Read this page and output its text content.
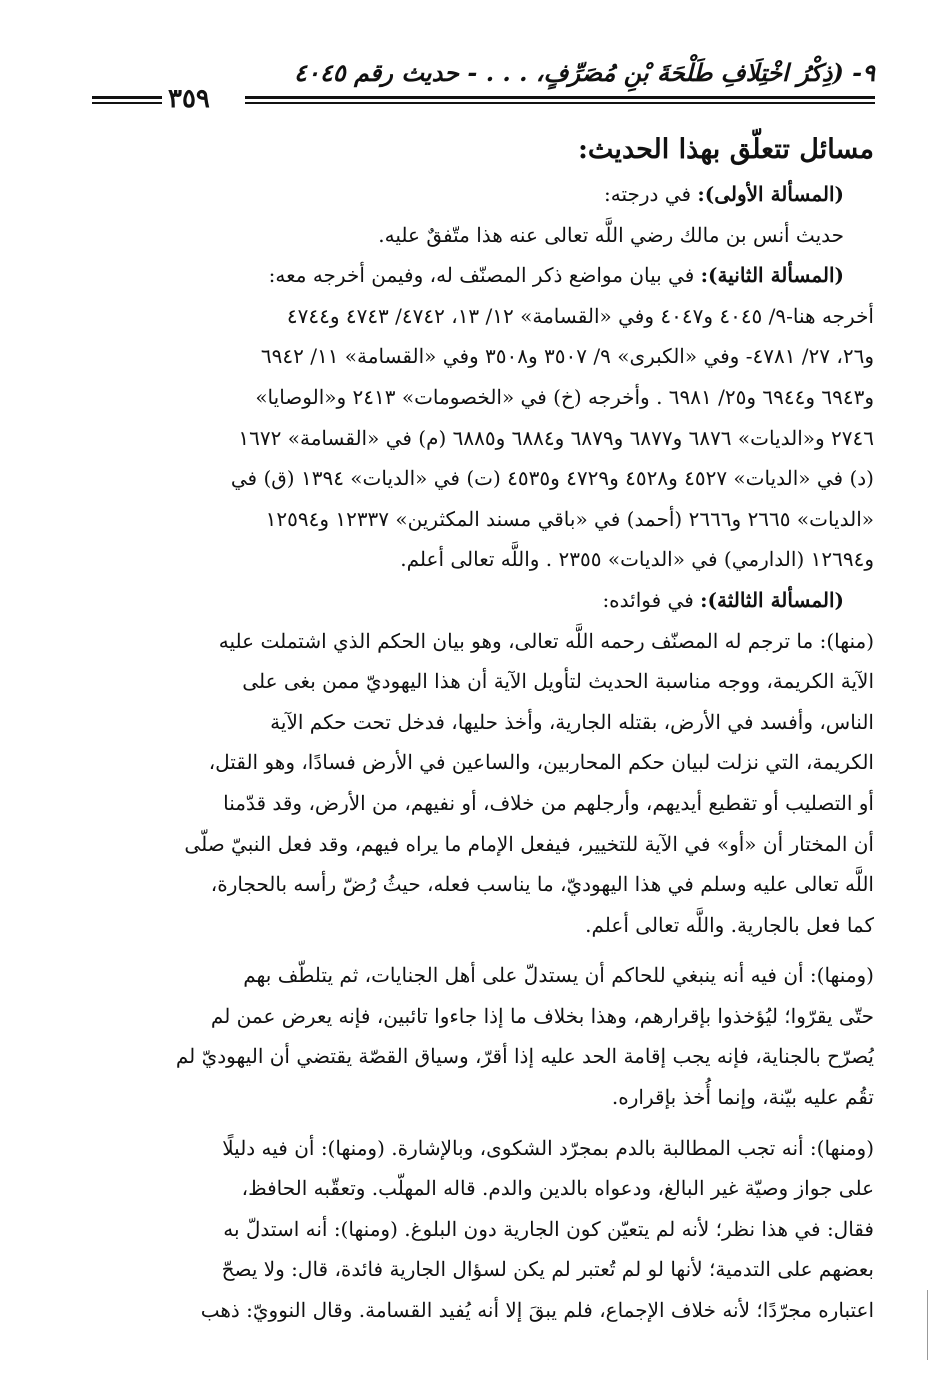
٩- (ذِكْرُ اخْتِلَافِ طَلْحَةَ بْنِ مُصَرِّفٍ، . . . - حديث رقم ٤٠٤٥
٣٥٩
مسائل تتعلّق بهذا الحديث:
(المسألة الأولى): في درجته:
حديث أنس بن مالك رضي اللَّه تعالى عنه هذا متّفقٌ عليه.
(المسألة الثانية): في بيان مواضع ذكر المصنّف له، وفيمن أخرجه معه:
أخرجه هنا-٩/ ٤٠٤٥ و٤٠٤٧ وفي «القسامة» ١٢/ ١٣، ٤٧٤٢/ ٤٧٤٣ و٤٧٤٤
و٢٦، ٢٧/ ٤٧٨١- وفي «الكبرى» ٩/ ٣٥٠٧ و٣٥٠٨ وفي «القسامة» ١١/ ٦٩٤٢
و٦٩٤٣ و٦٩٤٤ و٢٥/ ٦٩٨١ . وأخرجه (خ) في «الخصومات» ٢٤١٣ و«الوصايا»
٢٧٤٦ و«الديات» ٦٨٧٦ و٦٨٧٧ و٦٨٧٩ و٦٨٨٤ و٦٨٨٥ (م) في «القسامة» ١٦٧٢
(د) في «الديات» ٤٥٢٧ و٤٥٢٨ و٤٧٢٩ و٤٥٣٥ (ت) في «الديات» ١٣٩٤ (ق) في
«الديات» ٢٦٦٥ و٢٦٦٦ (أحمد) في «باقي مسند المكثرين» ١٢٣٣٧ و١٢٥٩٤
و١٢٦٩٤ (الدارمي) في «الديات» ٢٣٥٥ . واللَّه تعالى أعلم.
(المسألة الثالثة): في فوائده:
(منها): ما ترجم له المصنّف رحمه اللَّه تعالى، وهو بيان الحكم الذي اشتملت عليه
الآية الكريمة، ووجه مناسبة الحديث لتأويل الآية أن هذا اليهوديّ ممن بغى على
الناس، وأفسد في الأرض، بقتله الجارية، وأخذ حليها، فدخل تحت حكم الآية
الكريمة، التي نزلت لبيان حكم المحاربين، والساعين في الأرض فسادًا، وهو القتل،
أو التصليب أو تقطيع أيديهم، وأرجلهم من خلاف، أو نفيهم، من الأرض، وقد قدّمنا
أن المختار أن «أو» في الآية للتخيير، فيفعل الإمام ما يراه فيهم، وقد فعل النبيّ صلّى
اللَّه تعالى عليه وسلم في هذا اليهوديّ، ما يناسب فعله، حيثُ رُضّ رأسه بالحجارة،
كما فعل بالجارية. واللَّه تعالى أعلم.
(ومنها): أن فيه أنه ينبغي للحاكم أن يستدلّ على أهل الجنايات، ثم يتلطّف بهم
حتّى يقرّوا؛ ليُؤخذوا بإقرارهم، وهذا بخلاف ما إذا جاءوا تائبين، فإنه يعرض عمن لم
يُصرّح بالجناية، فإنه يجب إقامة الحد عليه إذا أقرّ، وسياق القصّة يقتضي أن اليهوديّ لم
تقُم عليه بيّنة، وإنما أُخذ بإقراره.
(ومنها): أنه تجب المطالبة بالدم بمجرّد الشكوى، وبالإشارة. (ومنها): أن فيه دليلًا
على جواز وصيّة غير البالغ، ودعواه بالدين والدم. قاله المهلّب. وتعقّبه الحافظ،
فقال: في هذا نظر؛ لأنه لم يتعيّن كون الجارية دون البلوغ. (ومنها): أنه استدلّ به
بعضهم على التدمية؛ لأنها لو لم تُعتبر لم يكن لسؤال الجارية فائدة، قال: ولا يصحّ
اعتباره مجرّدًا؛ لأنه خلاف الإجماع، فلم يبقَ إلا أنه يُفيد القسامة. وقال النوويّ: ذهب
